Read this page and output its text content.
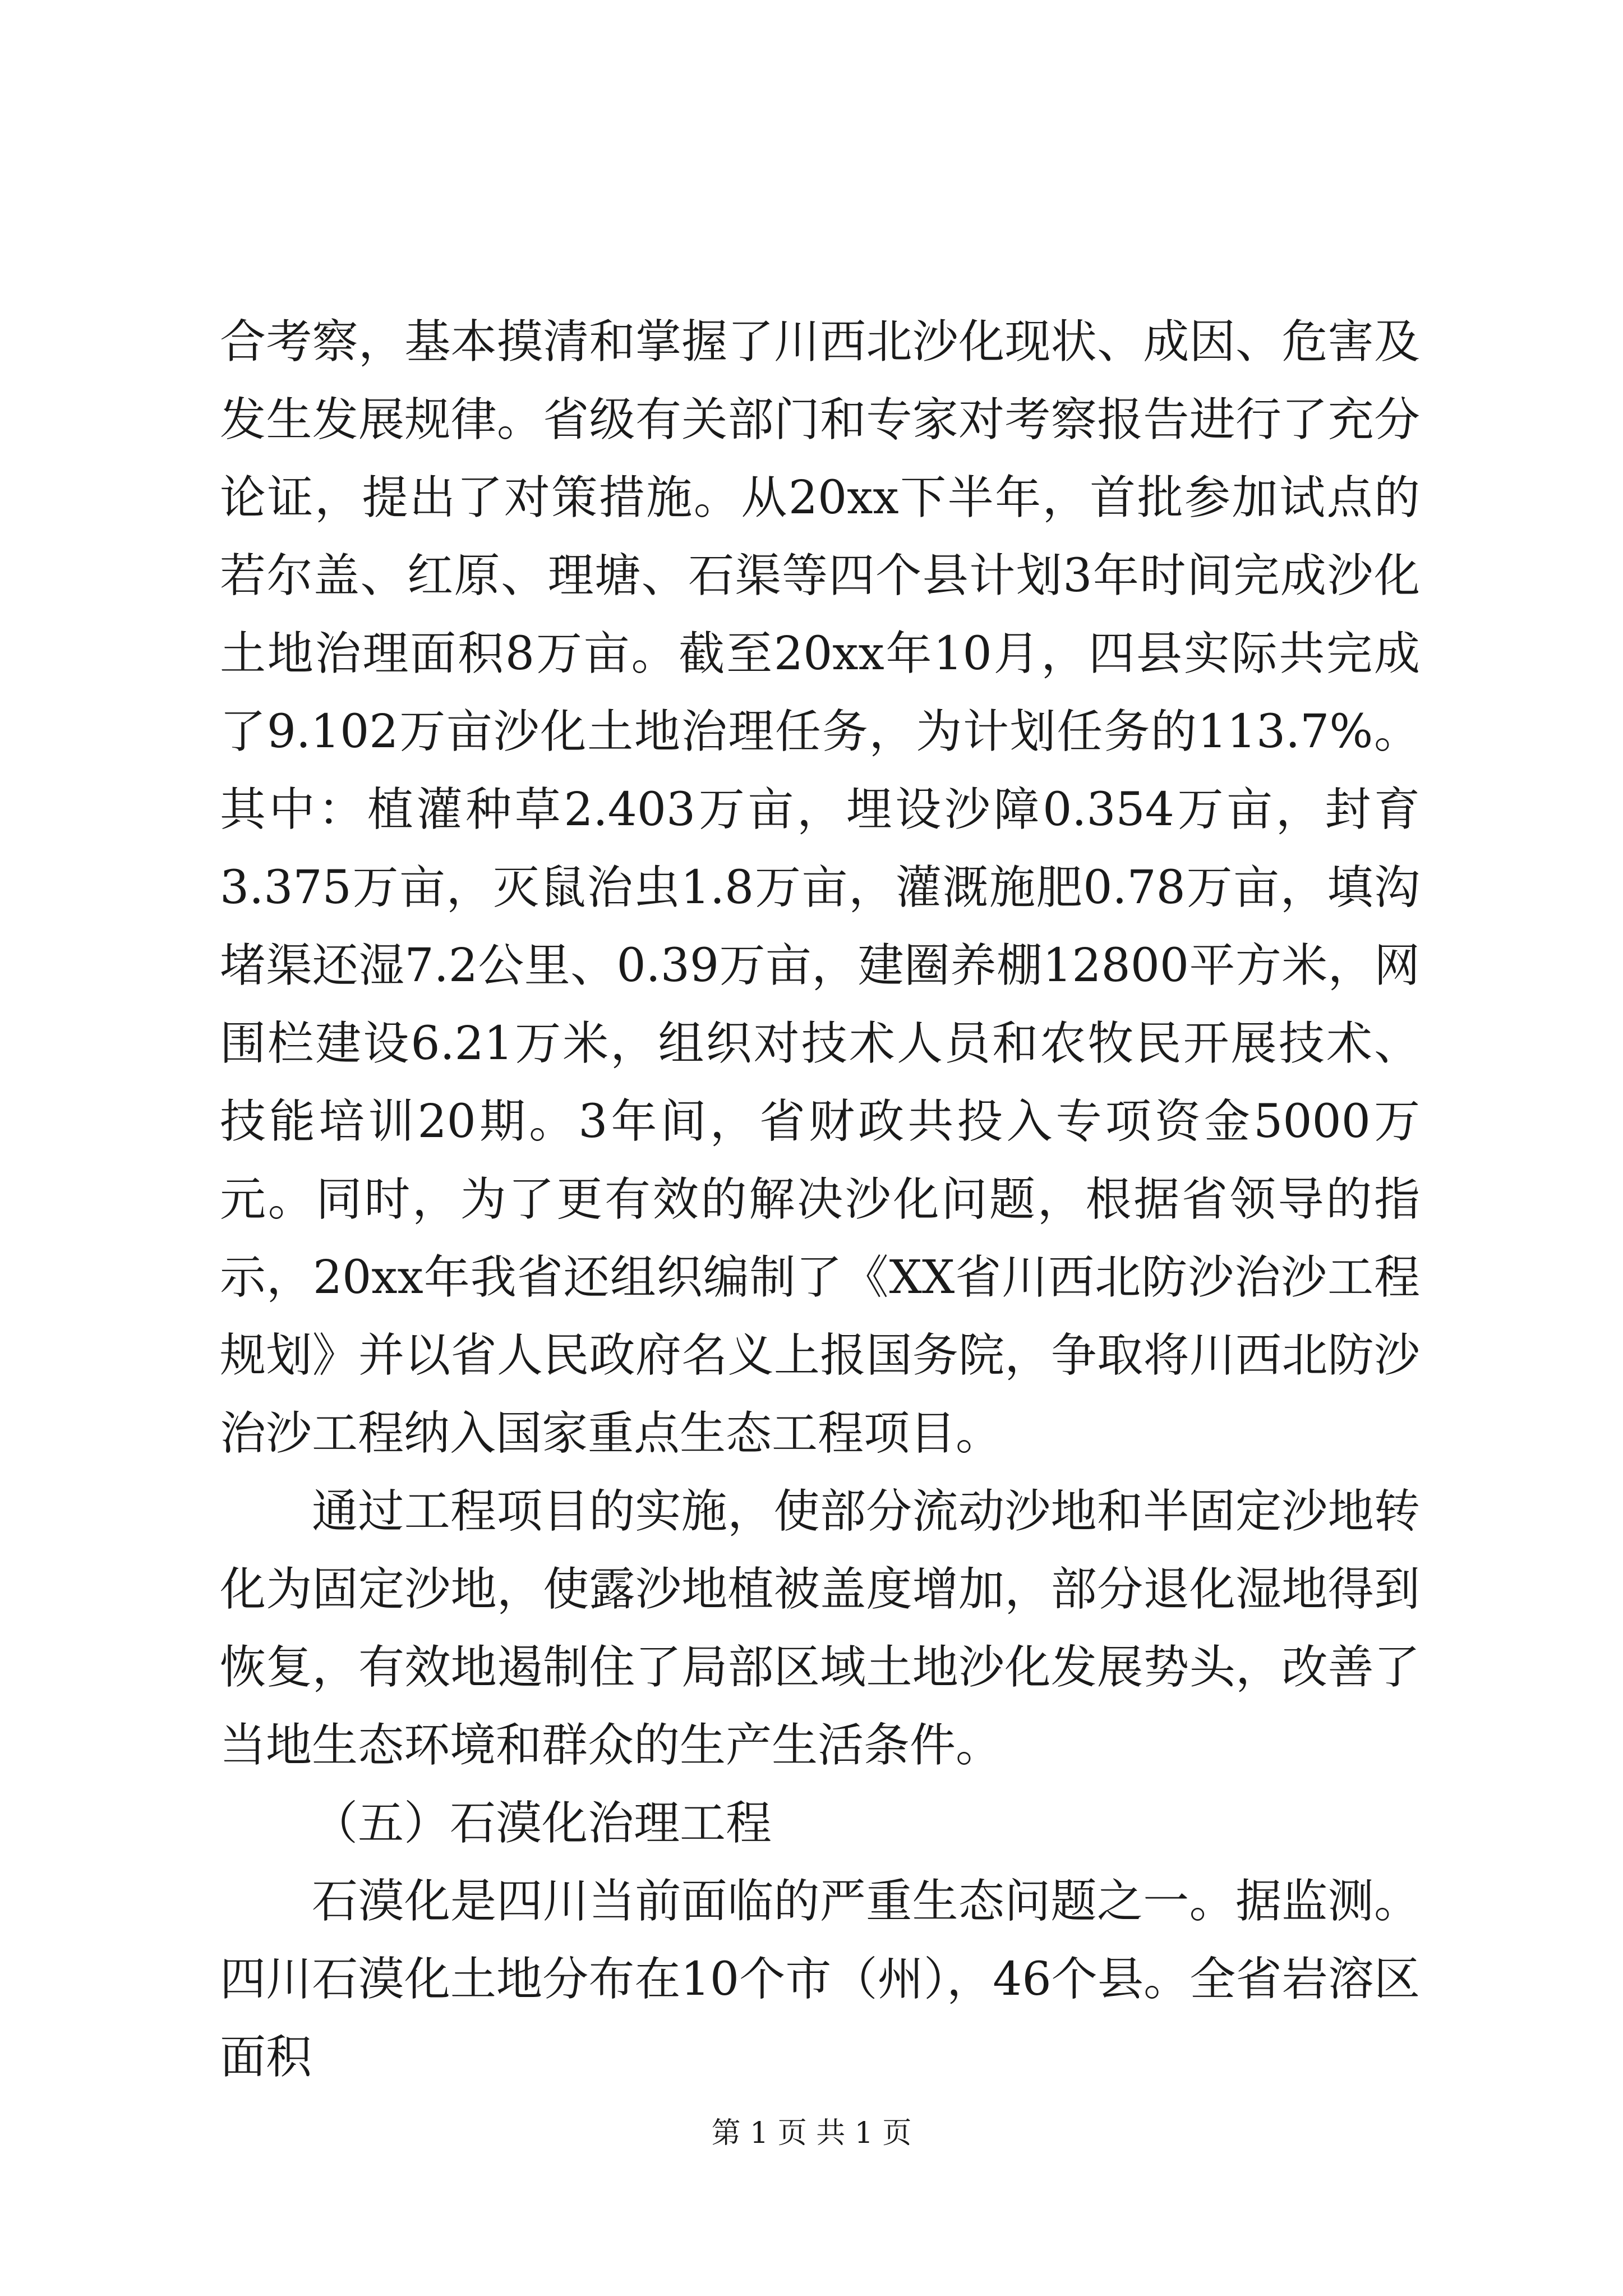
合考察，基本摸清和掌握了川西北沙化现状、成因、危害及发生发展规律。省级有关部门和专家对考察报告进行了充分论证，提出了对策措施。从20xx下半年，首批参加试点的若尔盖、红原、理塘、石渠等四个县计划3年时间完成沙化土地治理面积8万亩。截至20xx年10月，四县实际共完成了9.102万亩沙化土地治理任务，为计划任务的113.7%。其中：植灌种草2.403万亩，埋设沙障0.354万亩，封育3.375万亩，灭鼠治虫1.8万亩，灌溉施肥0.78万亩，填沟堵渠还湿7.2公里、0.39万亩，建圈养棚12800平方米，网围栏建设6.21万米，组织对技术人员和农牧民开展技术、技能培训20期。3年间，省财政共投入专项资金5000万元。同时，为了更有效的解决沙化问题，根据省领导的指示，20xx年我省还组织编制了《XX省川西北防沙治沙工程规划》并以省人民政府名义上报国务院，争取将川西北防沙治沙工程纳入国家重点生态工程项目。

通过工程项目的实施，使部分流动沙地和半固定沙地转化为固定沙地，使露沙地植被盖度增加，部分退化湿地得到恢复，有效地遏制住了局部区域土地沙化发展势头，改善了当地生态环境和群众的生产生活条件。

（五）石漠化治理工程

石漠化是四川当前面临的严重生态问题之一。据监测。四川石漠化土地分布在10个市（州），46个县。全省岩溶区面积

第 1 页 共 1 页
